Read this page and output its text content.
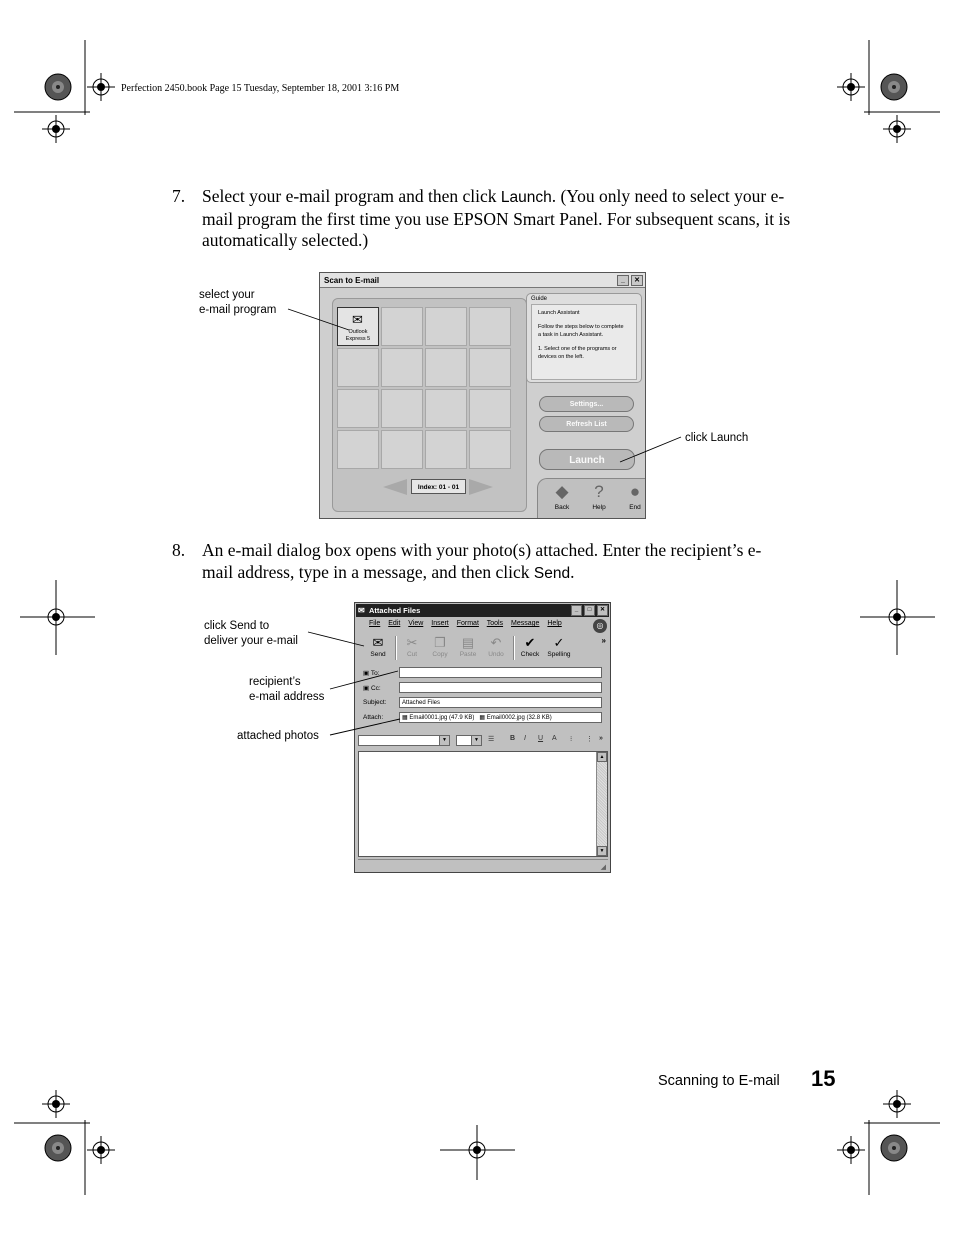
Perfection 2450.book Page 15 Tuesday, September 18, 2001 3:16 PM
7. Select your e-mail program and then click Launch. (You only need to select your e-mail program the first time you use EPSON Smart Panel. For subsequent scans, it is automatically selected.)
Scan to E-mail	_ ✕
✉
Outlook Express 5
Index: 01 - 01
Guide

Launch Assistant

Follow the steps below to complete a task in Launch Assistant.

1. Select one of the programs or devices on the left.

Settings...
Refresh List
Launch
◆
Back
?
Help
●
End
select your
e-mail program
click Launch
8. An e-mail dialog box opens with your photo(s) attached. Enter the recipient’s e-mail address, type in a message, and then click Send.
✉ Attached Files	_ □ ✕
File Edit View Insert Format Tools Message Help	◎
✉
Send
✂
Cut
❐
Copy
▤
Paste
↶
Undo
✔
Check
✓
Spelling
»
▣ To:
▣ Cc:
Subject:	Attached Files
Attach:	▦ Email0001.jpg (47.9 KB) ▦ Email0002.jpg (32.8 KB)
▼	▼ ☰ B I U A ⁝ ⋮ »
▲
▼
◢
click Send to
deliver your e-mail
recipient’s
e-mail address
attached photos
Scanning to E-mail 15
